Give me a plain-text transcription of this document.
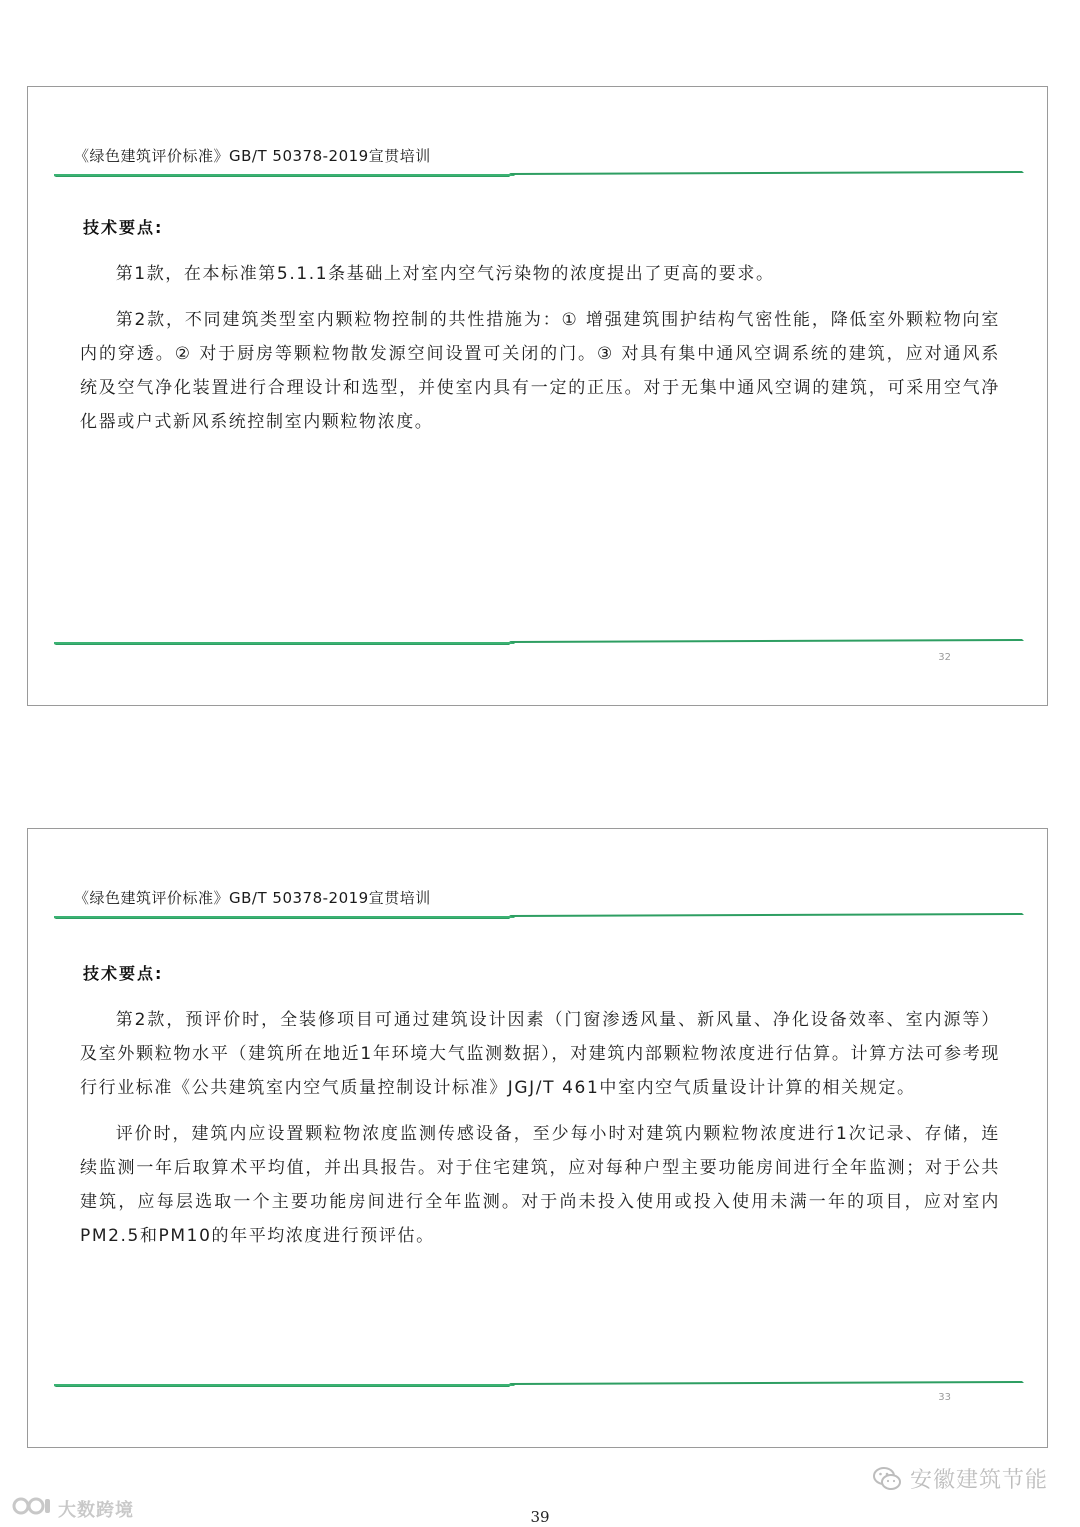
《绿色建筑评价标准》GB/T 50378-2019宣贯培训
技术要点:

第1款，在本标准第5.1.1条基础上对室内空气污染物的浓度提出了更高的要求。

第2款，不同建筑类型室内颗粒物控制的共性措施为：① 增强建筑围护结构气密性能，降低室外颗粒物向室内的穿透。② 对于厨房等颗粒物散发源空间设置可关闭的门。③ 对具有集中通风空调系统的建筑，应对通风系统及空气净化装置进行合理设计和选型，并使室内具有一定的正压。对于无集中通风空调的建筑，可采用空气净化器或户式新风系统控制室内颗粒物浓度。

32
《绿色建筑评价标准》GB/T 50378-2019宣贯培训
技术要点:

第2款，预评价时，全装修项目可通过建筑设计因素（门窗渗透风量、新风量、净化设备效率、室内源等）及室外颗粒物水平（建筑所在地近1年环境大气监测数据），对建筑内部颗粒物浓度进行估算。计算方法可参考现行行业标准《公共建筑室内空气质量控制设计标准》JGJ/T 461中室内空气质量设计计算的相关规定。

评价时，建筑内应设置颗粒物浓度监测传感设备，至少每小时对建筑内颗粒物浓度进行1次记录、存储，连续监测一年后取算术平均值，并出具报告。对于住宅建筑，应对每种户型主要功能房间进行全年监测；对于公共建筑，应每层选取一个主要功能房间进行全年监测。对于尚未投入使用或投入使用未满一年的项目，应对室内PM2.5和PM10的年平均浓度进行预评估。

33
安徽建筑节能
大数跨境	39
